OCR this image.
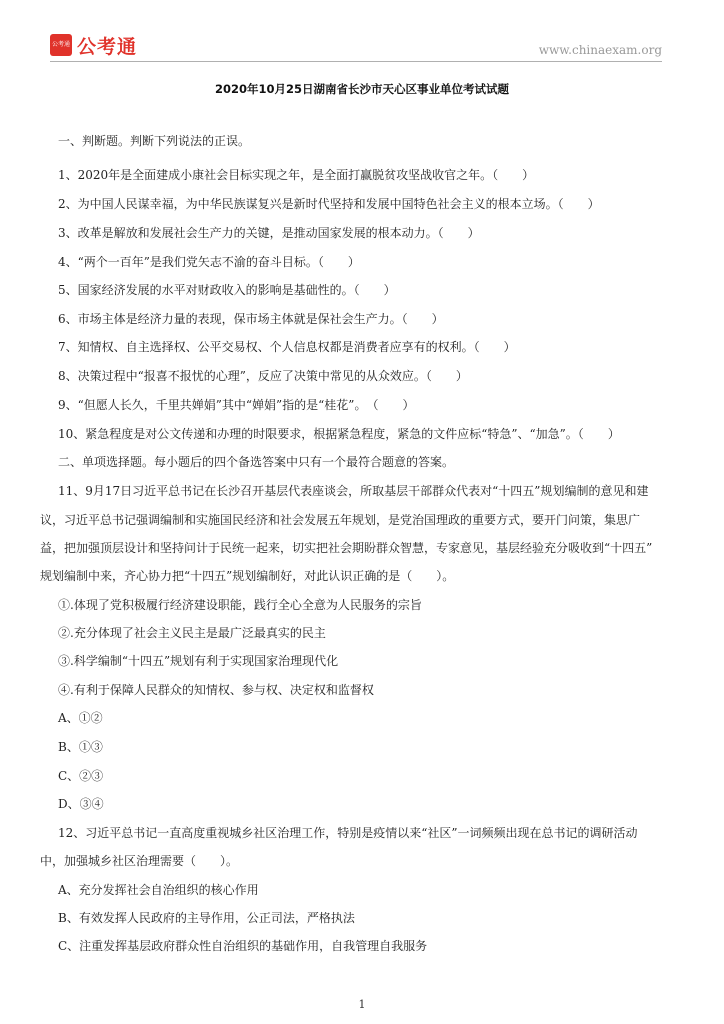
公考通 公考通	www.chinaexam.org
2020年10月25日湖南省长沙市天心区事业单位考试试题
一、判断题。判断下列说法的正误。
1、2020年是全面建成小康社会目标实现之年，是全面打赢脱贫攻坚战收官之年。（　　）
2、为中国人民谋幸福，为中华民族谋复兴是新时代坚持和发展中国特色社会主义的根本立场。（　　）
3、改革是解放和发展社会生产力的关键，是推动国家发展的根本动力。（　　）
4、“两个一百年”是我们党矢志不渝的奋斗目标。（　　）
5、国家经济发展的水平对财政收入的影响是基础性的。（　　）
6、市场主体是经济力量的表现，保市场主体就是保社会生产力。（　　）
7、知情权、自主选择权、公平交易权、个人信息权都是消费者应享有的权利。（　　）
8、决策过程中“报喜不报忧的心理”，反应了决策中常见的从众效应。（　　）
9、“但愿人长久，千里共婵娟”其中“婵娟”指的是“桂花”。　（　　）
10、紧急程度是对公文传递和办理的时限要求，根据紧急程度，紧急的文件应标“特急”、“加急”。（　　）
二、单项选择题。每小题后的四个备选答案中只有一个最符合题意的答案。
11、9月17日习近平总书记在长沙召开基层代表座谈会，所取基层干部群众代表对“十四五”规划编制的意见和建
议，习近平总书记强调编制和实施国民经济和社会发展五年规划，是党治国理政的重要方式，要开门问策，集思广
益，把加强顶层设计和坚持问计于民统一起来，切实把社会期盼群众智慧，专家意见，基层经验充分吸收到“十四五”
规划编制中来，齐心协力把“十四五”规划编制好，对此认识正确的是（　　）。
①.体现了党积极履行经济建设职能，践行全心全意为人民服务的宗旨
②.充分体现了社会主义民主是最广泛最真实的民主
③.科学编制“十四五”规划有利于实现国家治理现代化
④.有利于保障人民群众的知情权、参与权、决定权和监督权
A、①②
B、①③
C、②③
D、③④
12、习近平总书记一直高度重视城乡社区治理工作，特别是疫情以来“社区”一词频频出现在总书记的调研活动
中，加强城乡社区治理需要（　　）。
A、充分发挥社会自治组织的核心作用
B、有效发挥人民政府的主导作用，公正司法，严格执法
C、注重发挥基层政府群众性自治组织的基础作用，自我管理自我服务
1
